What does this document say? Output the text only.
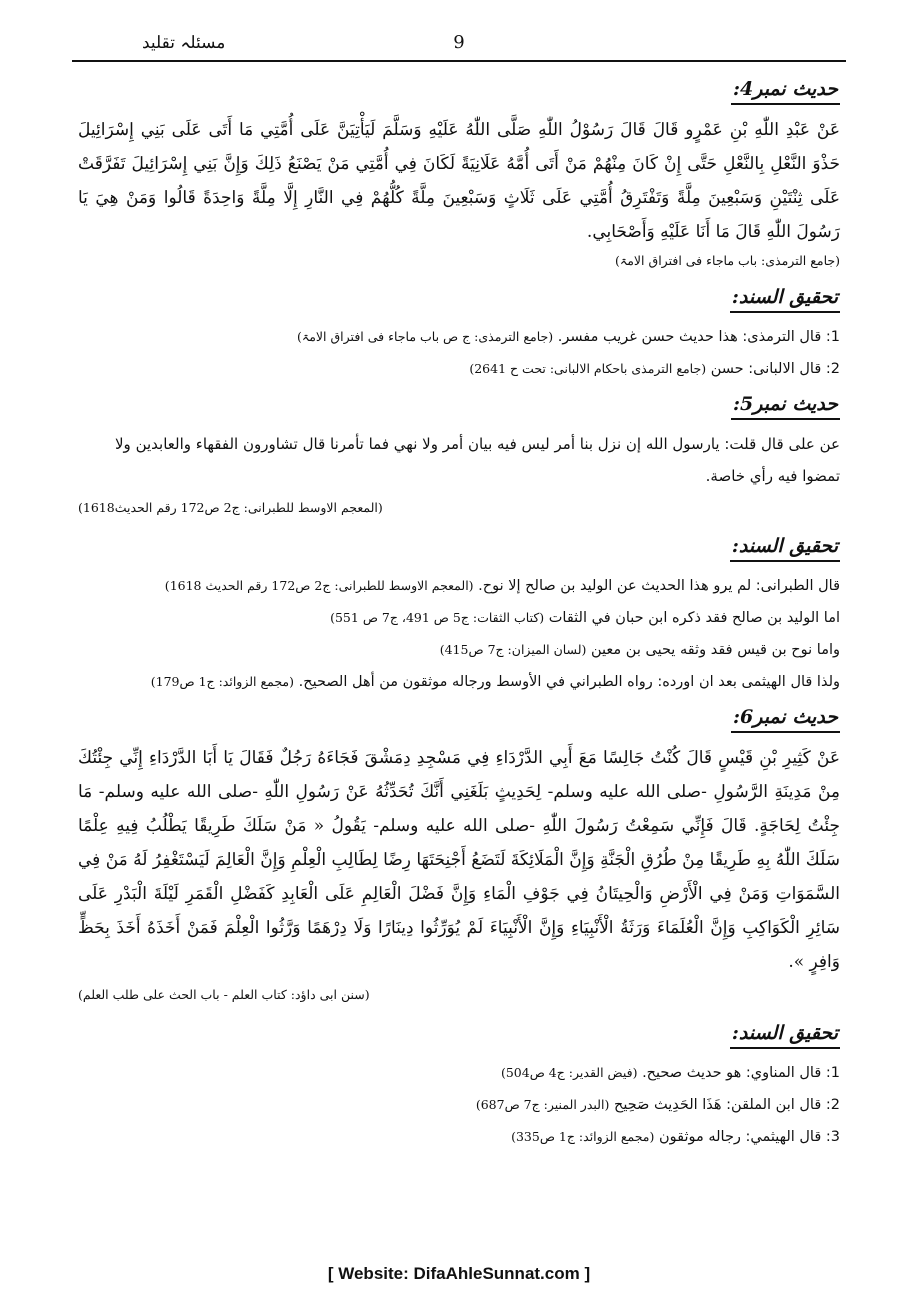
9
مسئلہ تقلید
حدیث نمبر4:

عَنْ عَبْدِ اللّٰهِ بْنِ عَمْرٍو قَالَ قَالَ رَسُوْلُ اللّٰهِ صَلَّى اللّٰهُ عَلَيْهِ وَسَلَّمَ لَيَأْتِيَنَّ عَلَى أُمَّتِي مَا أَتَى عَلَى بَنِي إِسْرَائِيلَ حَذْوَ النَّعْلِ بِالنَّعْلِ حَتَّى إِنْ كَانَ مِنْهُمْ مَنْ أَتَى أُمَّهُ عَلَانِيَةً لَكَانَ فِي أُمَّتِي مَنْ يَصْنَعُ ذَلِكَ وَإِنَّ بَنِي إِسْرَائِيلَ تَفَرَّقَتْ عَلَى ثِنْتَيْنِ وَسَبْعِينَ مِلَّةً وَتَفْتَرِقُ أُمَّتِي عَلَى ثَلَاثٍ وَسَبْعِينَ مِلَّةً كُلُّهُمْ فِي النَّارِ إِلَّا مِلَّةً وَاحِدَةً قَالُوا وَمَنْ هِيَ يَا رَسُولَ اللّٰهِ قَالَ مَا أَنَا عَلَيْهِ وَأَصْحَابِي.

(جامع الترمذی: باب ماجاء فی افتراق الامۃ)
تحقیق السند:

1: قال الترمذی: هذا حديث حسن غريب مفسر. (جامع الترمذی: ج ص باب ماجاء فی افتراق الامۃ)

2: قال الالبانی: حسن (جامع الترمذی باحکام الالبانی: تحت ح 2641)

حدیث نمبر5:

عن علی قال قلت: یارسول الله إن نزل بنا أمر ليس فيه بيان أمر ولا نهي فما تأمرنا قال تشاورون الفقهاء والعابدين ولا تمضوا فيه رأي خاصة.

(المعجم الاوسط للطبرانی: ج2 ص172 رقم الحدیث1618)
تحقیق السند:

قال الطبرانی: لم يرو هذا الحديث عن الوليد بن صالح إلا نوح. (المعجم الاوسط للطبرانی: ج2 ص172 رقم الحدیث 1618)

اما الوليد بن صالح فقد ذكره ابن حبان في الثقات (کتاب الثقات: ج5 ص 491، ج7 ص 551)

واما نوح بن قيس فقد وثقه يحيى بن معين (لسان المیزان: ج7 ص415)

ولذا قال الهيثمی بعد ان اورده: رواه الطبراني في الأوسط ورجاله موثقون من أهل الصحيح. (مجمع الزوائد: ج1 ص179)

حدیث نمبر6:

عَنْ كَثِيرِ بْنِ قَيْسٍ قَالَ كُنْتُ جَالِسًا مَعَ أَبِي الدَّرْدَاءِ فِي مَسْجِدِ دِمَشْقَ فَجَاءَهُ رَجُلٌ فَقَالَ يَا أَبَا الدَّرْدَاءِ إِنِّي جِئْتُكَ مِنْ مَدِينَةِ الرَّسُولِ -صلى الله عليه وسلم- لِحَدِيثٍ بَلَغَنِي أَنَّكَ تُحَدِّثُهُ عَنْ رَسُولِ اللّٰهِ -صلى الله عليه وسلم- مَا جِئْتُ لِحَاجَةٍ. قَالَ فَإِنِّي سَمِعْتُ رَسُولَ اللّٰهِ -صلى الله عليه وسلم- يَقُولُ « مَنْ سَلَكَ طَرِيقًا يَطْلُبُ فِيهِ عِلْمًا سَلَكَ اللّٰهُ بِهِ طَرِيقًا مِنْ طُرُقِ الْجَنَّةِ وَإِنَّ الْمَلَائِكَةَ لَتَضَعُ أَجْنِحَتَهَا رِضًا لِطَالِبِ الْعِلْمِ وَإِنَّ الْعَالِمَ لَيَسْتَغْفِرُ لَهُ مَنْ فِي السَّمَوَاتِ وَمَنْ فِي الْأَرْضِ وَالْحِيتَانُ فِي جَوْفِ الْمَاءِ وَإِنَّ فَضْلَ الْعَالِمِ عَلَى الْعَابِدِ كَفَضْلِ الْقَمَرِ لَيْلَةَ الْبَدْرِ عَلَى سَائِرِ الْكَوَاكِبِ وَإِنَّ الْعُلَمَاءَ وَرَثَةُ الْأَنْبِيَاءِ وَإِنَّ الْأَنْبِيَاءَ لَمْ يُوَرِّثُوا دِينَارًا وَلَا دِرْهَمًا وَرَّثُوا الْعِلْمَ فَمَنْ أَخَذَهُ أَخَذَ بِحَظٍّ وَافِرٍ ».

(سنن ابی داؤد: کتاب العلم - باب الحث علی طلب العلم)
تحقیق السند:

1: قال المناوي: هو حديث صحيح. (فیض القدیر: ج4 ص504)

2: قال ابن الملقن: هَذَا الحَدِيث صَحِيح (البدر المنیر: ج7 ص687)

3: قال الهيثمي: رجاله موثقون (مجمع الزوائد: ج1 ص335)

[ Website: DifaAhleSunnat.com ]
